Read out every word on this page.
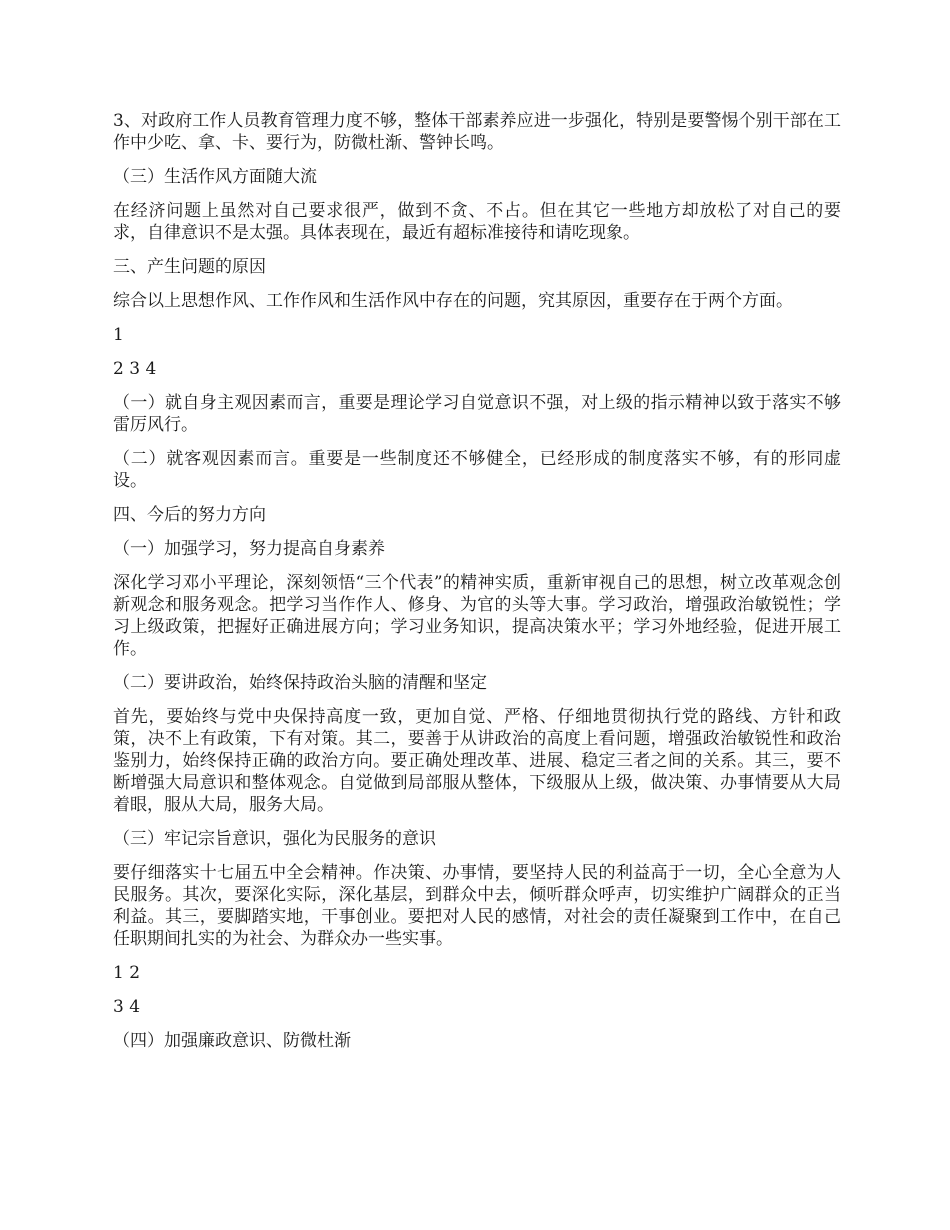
3、对政府工作人员教育管理力度不够，整体干部素养应进一步强化，特别是要警惕个别干部在工作中少吃、拿、卡、要行为，防微杜渐、警钟长鸣。

（三）生活作风方面随大流

在经济问题上虽然对自己要求很严，做到不贪、不占。但在其它一些地方却放松了对自己的要求，自律意识不是太强。具体表现在，最近有超标准接待和请吃现象。

三、产生问题的原因

综合以上思想作风、工作作风和生活作风中存在的问题，究其原因，重要存在于两个方面。

1

2 3 4

（一）就自身主观因素而言，重要是理论学习自觉意识不强，对上级的指示精神以致于落实不够雷厉风行。

（二）就客观因素而言。重要是一些制度还不够健全，已经形成的制度落实不够，有的形同虚设。

四、今后的努力方向

（一）加强学习，努力提高自身素养

深化学习邓小平理论，深刻领悟“三个代表”的精神实质，重新审视自己的思想，树立改革观念创新观念和服务观念。把学习当作作人、修身、为官的头等大事。学习政治，增强政治敏锐性；学习上级政策，把握好正确进展方向；学习业务知识，提高决策水平；学习外地经验，促进开展工作。

（二）要讲政治，始终保持政治头脑的清醒和坚定

首先，要始终与党中央保持高度一致，更加自觉、严格、仔细地贯彻执行党的路线、方针和政策，决不上有政策，下有对策。其二，要善于从讲政治的高度上看问题，增强政治敏锐性和政治鉴别力，始终保持正确的政治方向。要正确处理改革、进展、稳定三者之间的关系。其三，要不断增强大局意识和整体观念。自觉做到局部服从整体，下级服从上级，做决策、办事情要从大局着眼，服从大局，服务大局。

（三）牢记宗旨意识，强化为民服务的意识

要仔细落实十七届五中全会精神。作决策、办事情，要坚持人民的利益高于一切，全心全意为人民服务。其次，要深化实际，深化基层，到群众中去，倾听群众呼声，切实维护广阔群众的正当利益。其三，要脚踏实地，干事创业。要把对人民的感情，对社会的责任凝聚到工作中，在自己任职期间扎实的为社会、为群众办一些实事。

1 2

3 4

（四）加强廉政意识、防微杜渐
